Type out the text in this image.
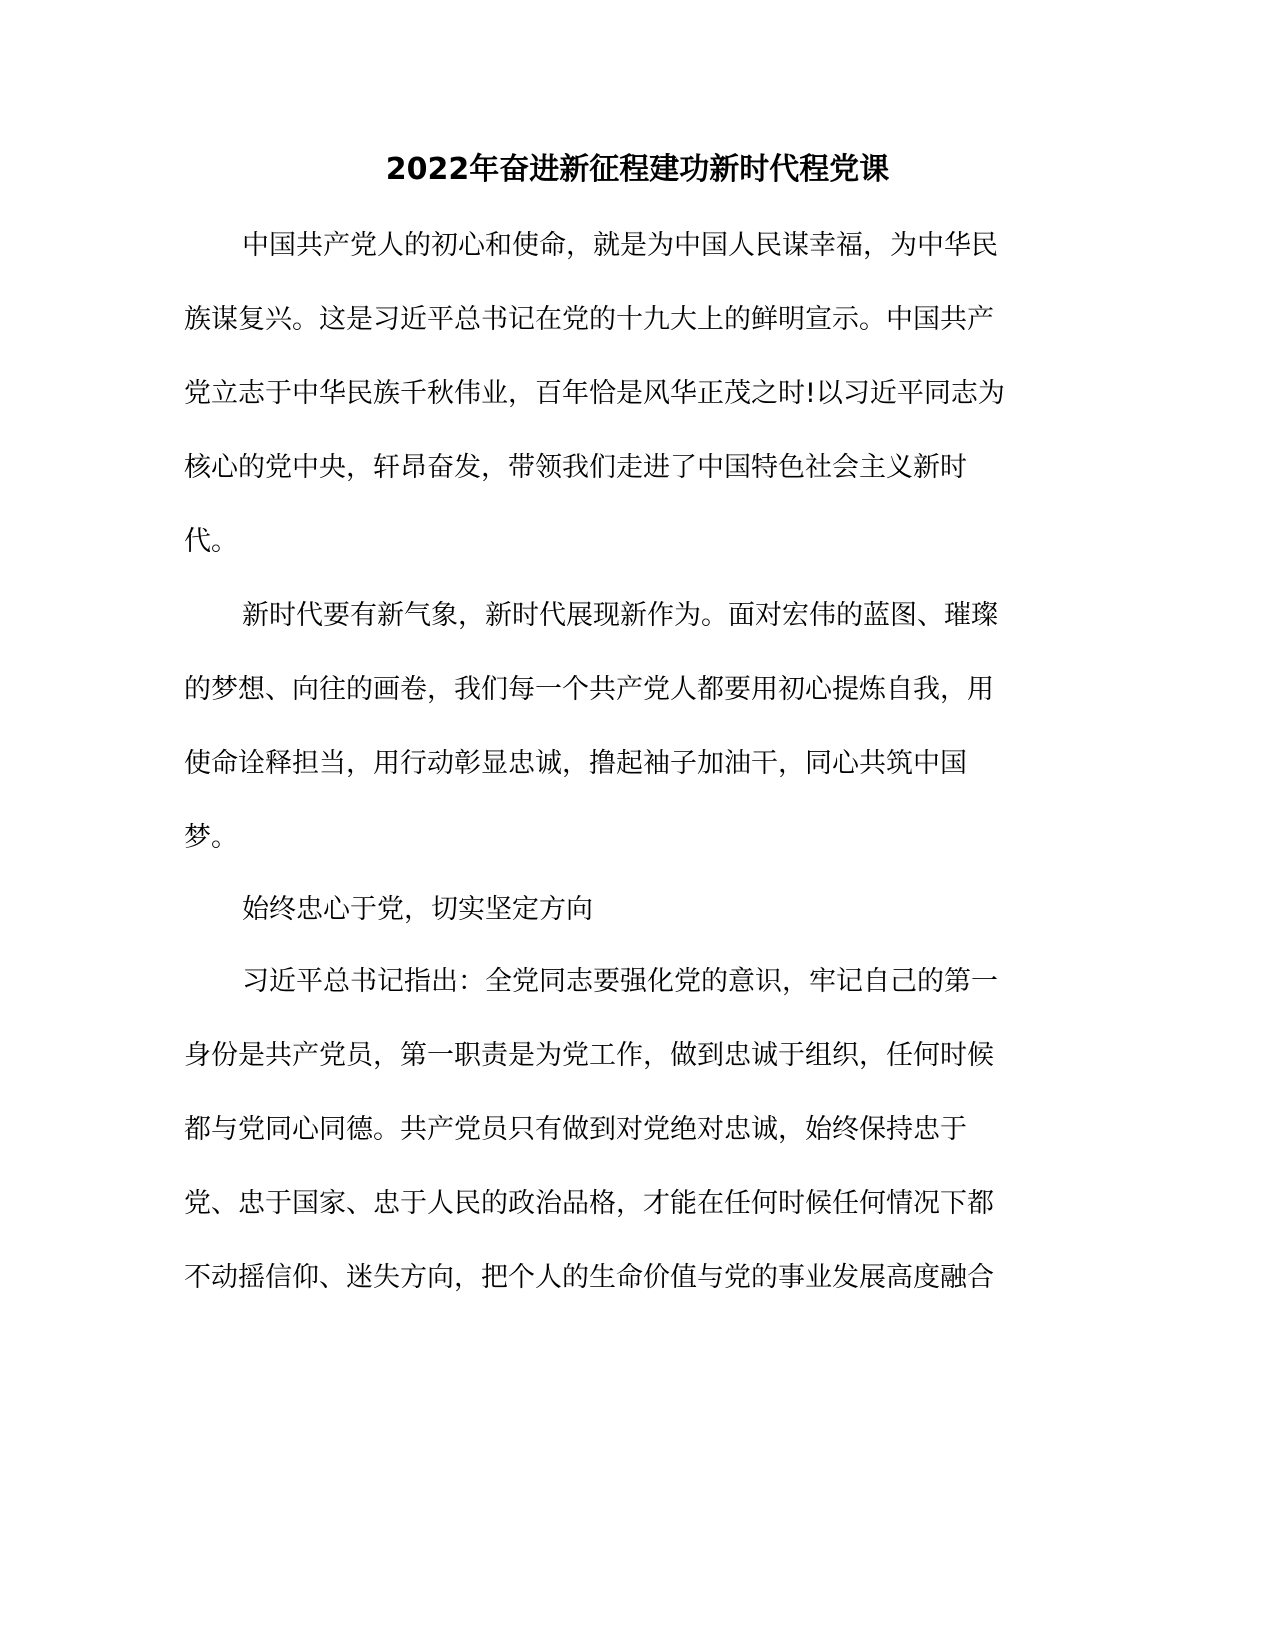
2022年奋进新征程建功新时代程党课

中国共产党人的初心和使命，就是为中国人民谋幸福，为中华民

族谋复兴。这是习近平总书记在党的十九大上的鲜明宣示。中国共产

党立志于中华民族千秋伟业，百年恰是风华正茂之时!以习近平同志为

核心的党中央，轩昂奋发，带领我们走进了中国特色社会主义新时

代。

新时代要有新气象，新时代展现新作为。面对宏伟的蓝图、璀璨

的梦想、向往的画卷，我们每一个共产党人都要用初心提炼自我，用

使命诠释担当，用行动彰显忠诚，撸起袖子加油干，同心共筑中国

梦。

始终忠心于党，切实坚定方向

习近平总书记指出：全党同志要强化党的意识，牢记自己的第一

身份是共产党员，第一职责是为党工作，做到忠诚于组织，任何时候

都与党同心同德。共产党员只有做到对党绝对忠诚，始终保持忠于

党、忠于国家、忠于人民的政治品格，才能在任何时候任何情况下都

不动摇信仰、迷失方向，把个人的生命价值与党的事业发展高度融合
